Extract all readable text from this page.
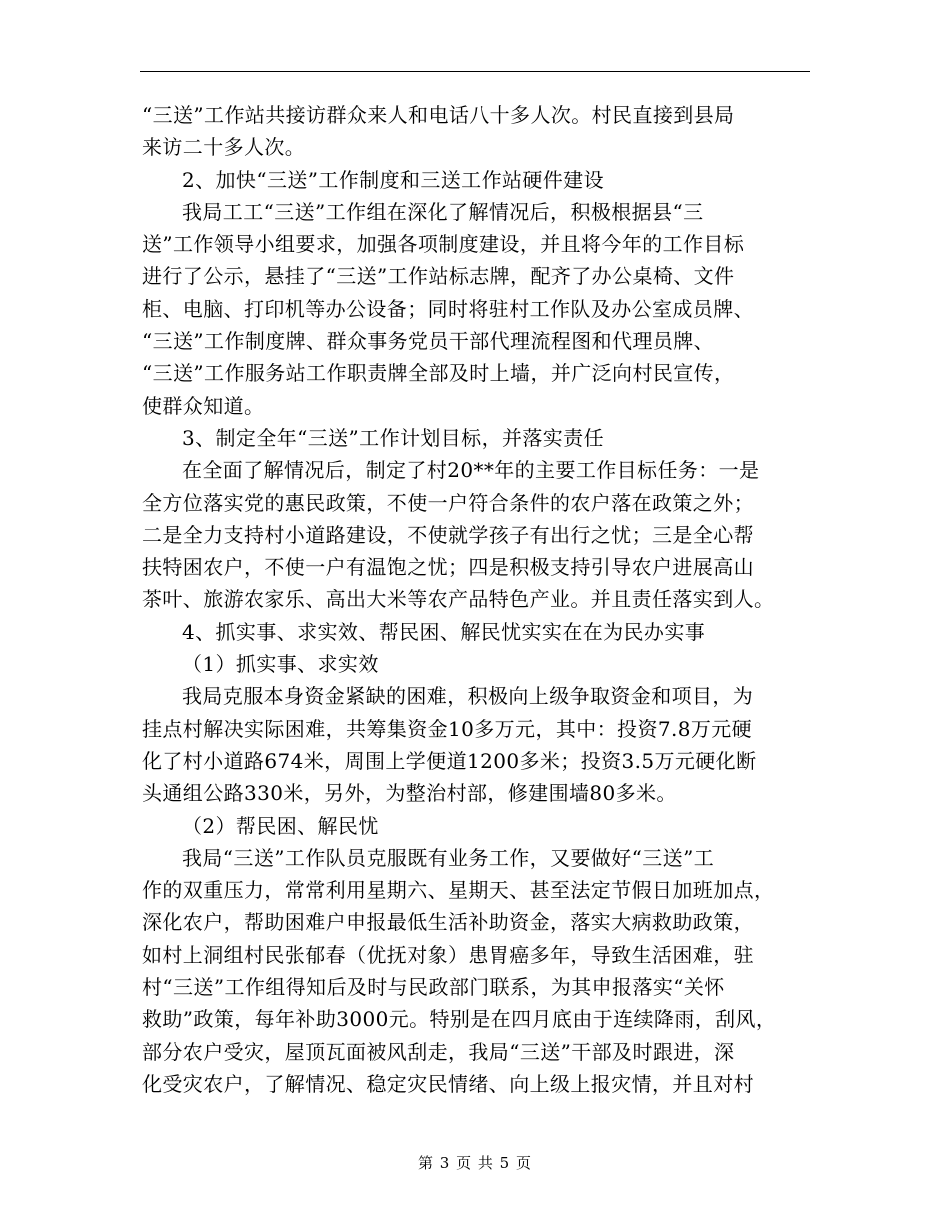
“三送”工作站共接访群众来人和电话八十多人次。村民直接到县局
来访二十多人次。
2、加快“三送”工作制度和三送工作站硬件建设
我局工工“三送”工作组在深化了解情况后，积极根据县“三
送”工作领导小组要求，加强各项制度建设，并且将今年的工作目标
进行了公示，悬挂了“三送”工作站标志牌，配齐了办公桌椅、文件
柜、电脑、打印机等办公设备；同时将驻村工作队及办公室成员牌、
“三送”工作制度牌、群众事务党员干部代理流程图和代理员牌、
“三送”工作服务站工作职责牌全部及时上墙，并广泛向村民宣传，
使群众知道。
3、制定全年“三送”工作计划目标，并落实责任
在全面了解情况后，制定了村20**年的主要工作目标任务：一是
全方位落实党的惠民政策，不使一户符合条件的农户落在政策之外；
二是全力支持村小道路建设，不使就学孩子有出行之忧；三是全心帮
扶特困农户，不使一户有温饱之忧；四是积极支持引导农户进展高山
茶叶、旅游农家乐、高出大米等农产品特色产业。并且责任落实到人。
4、抓实事、求实效、帮民困、解民忧实实在在为民办实事
（1）抓实事、求实效
我局克服本身资金紧缺的困难，积极向上级争取资金和项目，为
挂点村解决实际困难，共筹集资金10多万元，其中：投资7.8万元硬
化了村小道路674米，周围上学便道1200多米；投资3.5万元硬化断
头通组公路330米，另外，为整治村部，修建围墙80多米。
（2）帮民困、解民忧
我局“三送”工作队员克服既有业务工作，又要做好“三送”工
作的双重压力，常常利用星期六、星期天、甚至法定节假日加班加点，
深化农户，帮助困难户申报最低生活补助资金，落实大病救助政策，
如村上洞组村民张郁春（优抚对象）患胃癌多年，导致生活困难，驻
村“三送”工作组得知后及时与民政部门联系，为其申报落实“关怀
救助”政策，每年补助3000元。特别是在四月底由于连续降雨，刮风，
部分农户受灾，屋顶瓦面被风刮走，我局“三送”干部及时跟进，深
化受灾农户，了解情况、稳定灾民情绪、向上级上报灾情，并且对村
第 3 页 共 5 页
